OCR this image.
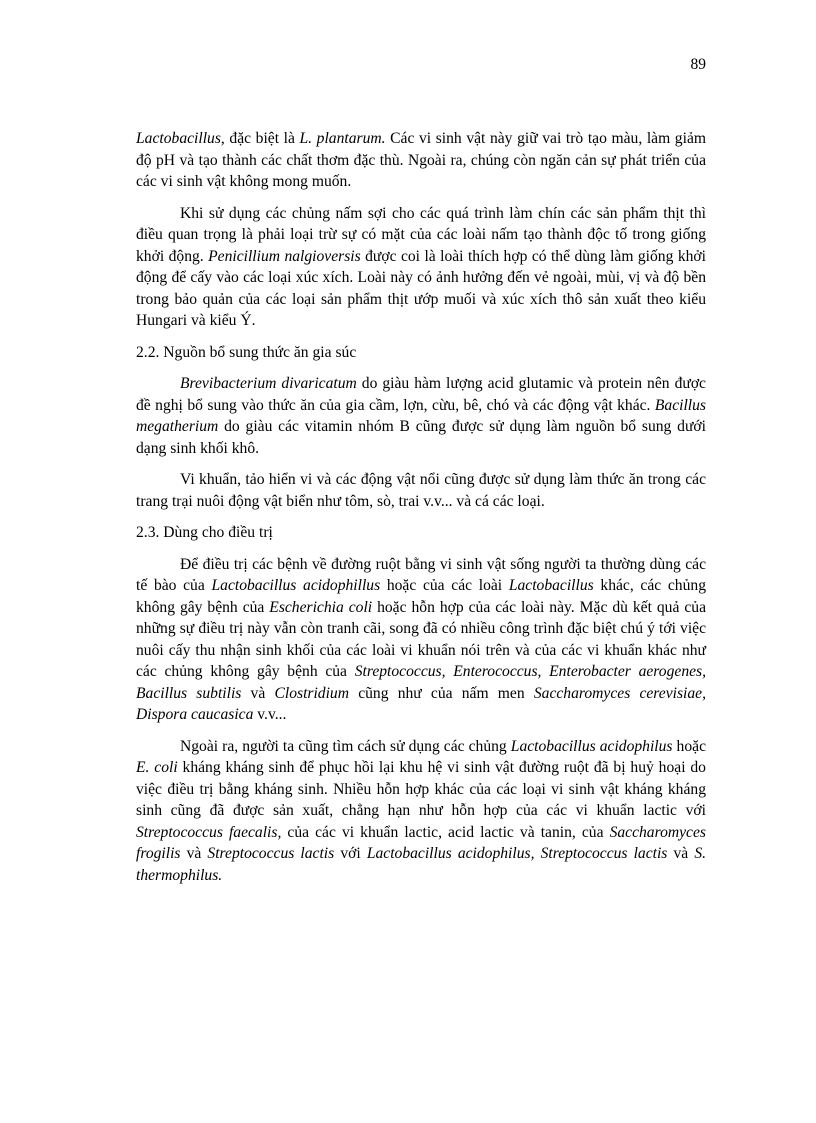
89

Lactobacillus, đặc biệt là L. plantarum. Các vi sinh vật này giữ vai trò tạo màu, làm giảm độ pH và tạo thành các chất thơm đặc thù. Ngoài ra, chúng còn ngăn cản sự phát triển của các vi sinh vật không mong muốn.

Khi sử dụng các chủng nấm sợi cho các quá trình làm chín các sản phẩm thịt thì điều quan trọng là phải loại trừ sự có mặt của các loài nấm tạo thành độc tố trong giống khởi động. Penicillium nalgioversis được coi là loài thích hợp có thể dùng làm giống khởi động để cấy vào các loại xúc xích. Loài này có ảnh hưởng đến vẻ ngoài, mùi, vị và độ bền trong bảo quản của các loại sản phẩm thịt ướp muối và xúc xích thô sản xuất theo kiểu Hungari và kiểu Ý.

2.2. Nguồn bổ sung thức ăn gia súc

Brevibacterium divaricatum do giàu hàm lượng acid glutamic và protein nên được đề nghị bổ sung vào thức ăn của gia cầm, lợn, cừu, bê, chó và các động vật khác. Bacillus megatherium do giàu các vitamin nhóm B cũng được sử dụng làm nguồn bổ sung dưới dạng sinh khối khô.

Vi khuẩn, tảo hiển vi và các động vật nổi cũng được sử dụng làm thức ăn trong các trang trại nuôi động vật biển như tôm, sò, trai v.v... và cá các loại.

2.3. Dùng cho điều trị

Để điều trị các bệnh về đường ruột bằng vi sinh vật sống người ta thường dùng các tế bào của Lactobacillus acidophillus hoặc của các loài Lactobacillus khác, các chủng không gây bệnh của Escherichia coli hoặc hỗn hợp của các loài này. Mặc dù kết quả của những sự điều trị này vẫn còn tranh cãi, song đã có nhiều công trình đặc biệt chú ý tới việc nuôi cấy thu nhận sinh khối của các loài vi khuẩn nói trên và của các vi khuẩn khác như các chủng không gây bệnh của Streptococcus, Enterococcus, Enterobacter aerogenes, Bacillus subtilis và Clostridium cũng như của nấm men Saccharomyces cerevisiae, Dispora caucasica v.v...

Ngoài ra, người ta cũng tìm cách sử dụng các chủng Lactobacillus acidophilus hoặc E. coli kháng kháng sinh để phục hồi lại khu hệ vi sinh vật đường ruột đã bị huỷ hoại do việc điều trị bằng kháng sinh. Nhiều hỗn hợp khác của các loại vi sinh vật kháng kháng sinh cũng đã được sản xuất, chẳng hạn như hỗn hợp của các vi khuẩn lactic với Streptococcus faecalis, của các vi khuẩn lactic, acid lactic và tanin, của Saccharomyces frogilis và Streptococcus lactis với Lactobacillus acidophilus, Streptococcus lactis và S. thermophilus.
